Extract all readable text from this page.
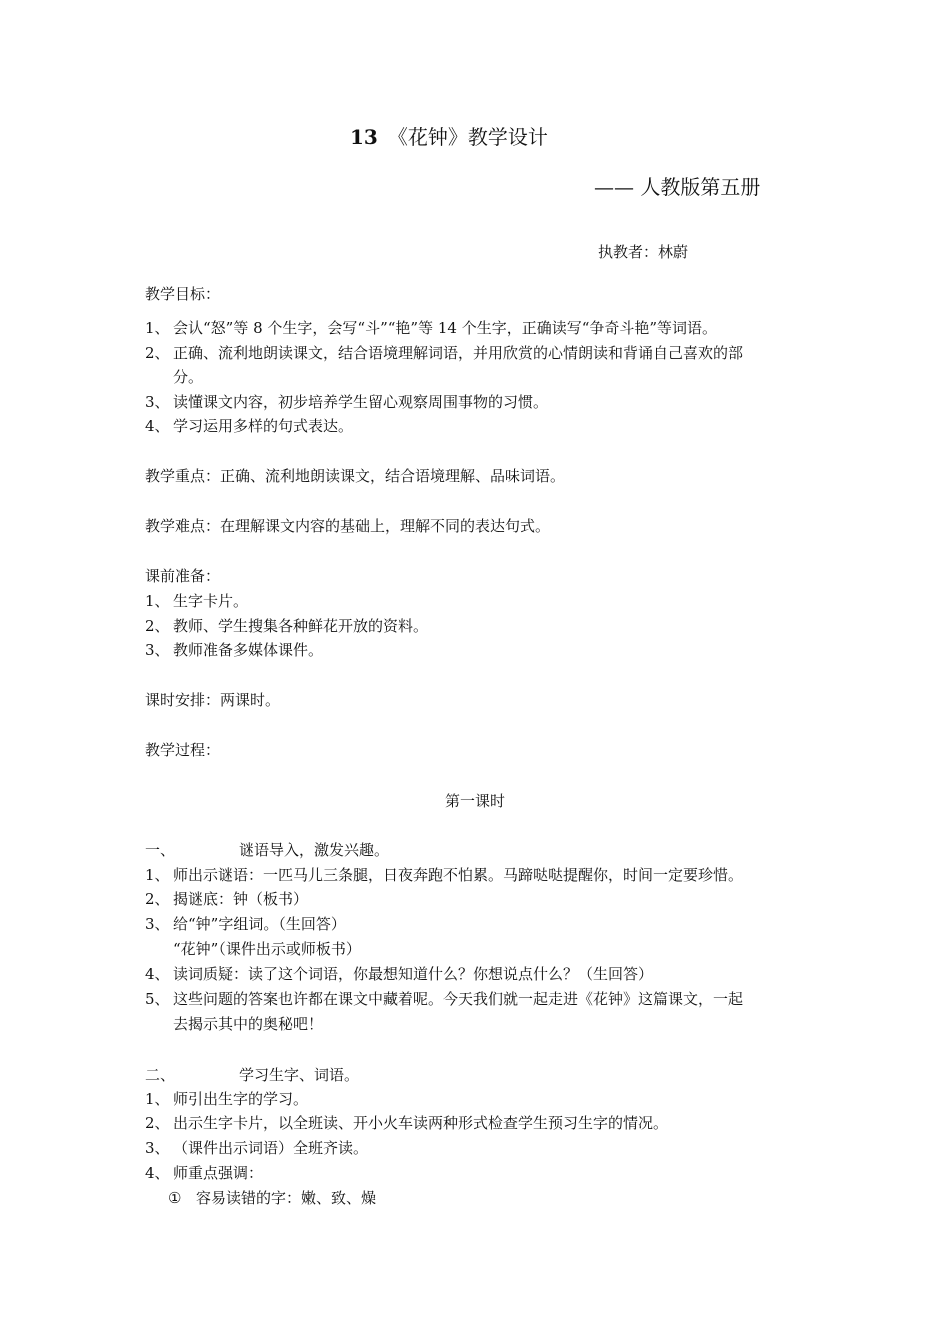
13 《花钟》教学设计
—— 人教版第五册
执教者：林蔚
教学目标：
1、 会认“怒”等 8 个生字，会写“斗”“艳”等 14 个生字，正确读写“争奇斗艳”等词语。
2、 正确、流利地朗读课文，结合语境理解词语，并用欣赏的心情朗读和背诵自己喜欢的部
分。
3、 读懂课文内容，初步培养学生留心观察周围事物的习惯。
4、 学习运用多样的句式表达。
教学重点：正确、流利地朗读课文，结合语境理解、品味词语。
教学难点：在理解课文内容的基础上，理解不同的表达句式。
课前准备：
1、 生字卡片。
2、 教师、学生搜集各种鲜花开放的资料。
3、 教师准备多媒体课件。
课时安排：两课时。
教学过程：
第一课时
一、	谜语导入，激发兴趣。
1、 师出示谜语：一匹马儿三条腿，日夜奔跑不怕累。马蹄哒哒提醒你，时间一定要珍惜。
2、 揭谜底：钟（板书）
3、 给“钟”字组词。（生回答）
“花钟”（课件出示或师板书）
4、 读词质疑：读了这个词语，你最想知道什么？你想说点什么？（生回答）
5、 这些问题的答案也许都在课文中藏着呢。今天我们就一起走进《花钟》这篇课文，一起
去揭示其中的奥秘吧！
二、	学习生字、词语。
1、 师引出生字的学习。
2、 出示生字卡片，以全班读、开小火车读两种形式检查学生预习生字的情况。
3、 （课件出示词语）全班齐读。
4、 师重点强调：
① 容易读错的字：嫩、致、燥
